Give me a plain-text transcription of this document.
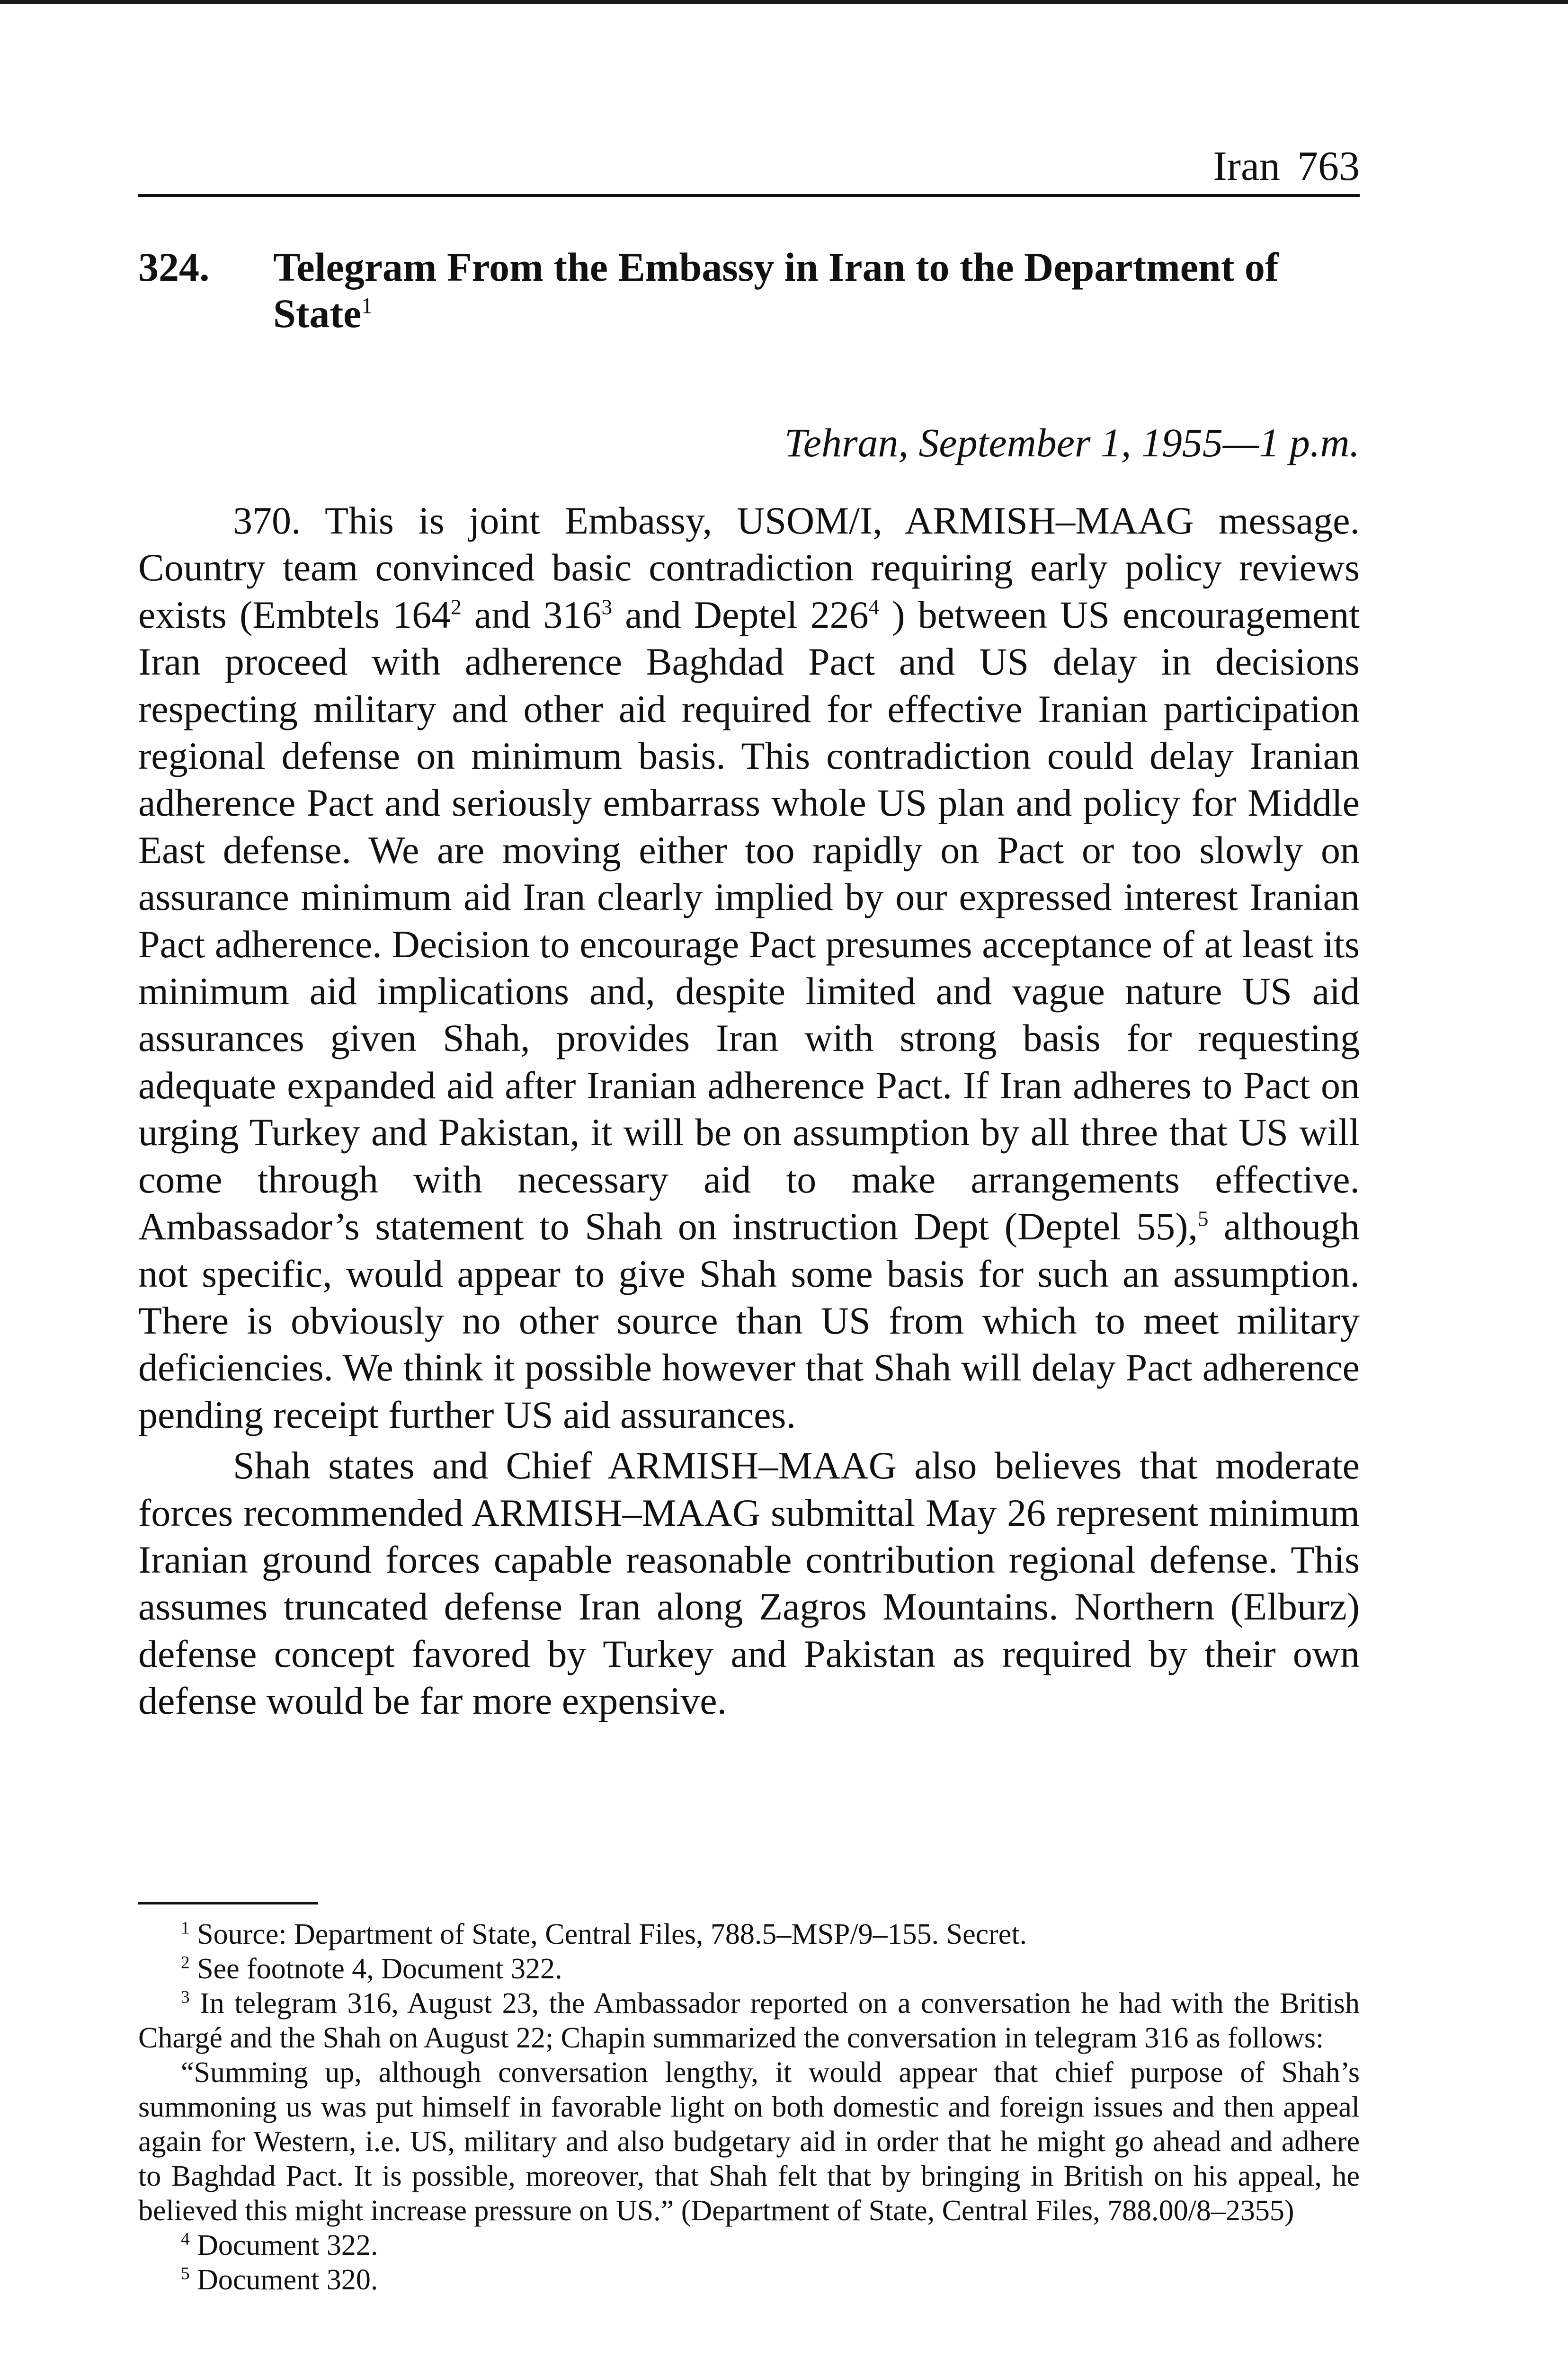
Iran 763
324. Telegram From the Embassy in Iran to the Department of State$^1$
Tehran, September 1, 1955—1 p.m.

370. This is joint Embassy, USOM/I, ARMISH–MAAG message. Country team convinced basic contradiction requiring early policy reviews exists (Embtels $164^2$ and $316^3$ and Deptel $226^4$ ) between US encouragement Iran proceed with adherence Baghdad Pact and US delay in decisions respecting military and other aid required for effective Iranian participation regional defense on minimum basis. This contradiction could delay Iranian adherence Pact and seriously embarrass whole US plan and policy for Middle East defense. We are moving either too rapidly on Pact or too slowly on assurance minimum aid Iran clearly implied by our expressed interest Iranian Pact adherence. Decision to encourage Pact presumes acceptance of at least its minimum aid implications and, despite limited and vague nature US aid assurances given Shah, provides Iran with strong basis for requesting adequate expanded aid after Iranian adherence Pact. If Iran adheres to Pact on urging Turkey and Pakistan, it will be on assumption by all three that US will come through with necessary aid to make arrangements effective. Ambassador’s statement to Shah on instruction Dept (Deptel 55),$^5$ although not specific, would appear to give Shah some basis for such an assumption. There is obviously no other source than US from which to meet military deficiencies. We think it possible however that Shah will delay Pact adherence pending receipt further US aid assurances.

Shah states and Chief ARMISH–MAAG also believes that moderate forces recommended ARMISH–MAAG submittal May 26 represent minimum Iranian ground forces capable reasonable contribution regional defense. This assumes truncated defense Iran along Zagros Mountains. Northern (Elburz) defense concept favored by Turkey and Pakistan as required by their own defense would be far more expensive.

$^1$ Source: Department of State, Central Files, 788.5–MSP/9–155. Secret.

$^2$ See footnote 4, Document 322.

$^3$ In telegram 316, August 23, the Ambassador reported on a conversation he had with the British Chargé and the Shah on August 22; Chapin summarized the conversation in telegram 316 as follows:

“Summing up, although conversation lengthy, it would appear that chief purpose of Shah’s summoning us was put himself in favorable light on both domestic and foreign issues and then appeal again for Western, i.e. US, military and also budgetary aid in order that he might go ahead and adhere to Baghdad Pact. It is possible, moreover, that Shah felt that by bringing in British on his appeal, he believed this might increase pressure on US.” (Department of State, Central Files, 788.00/8–2355)

$^4$ Document 322.

$^5$ Document 320.
